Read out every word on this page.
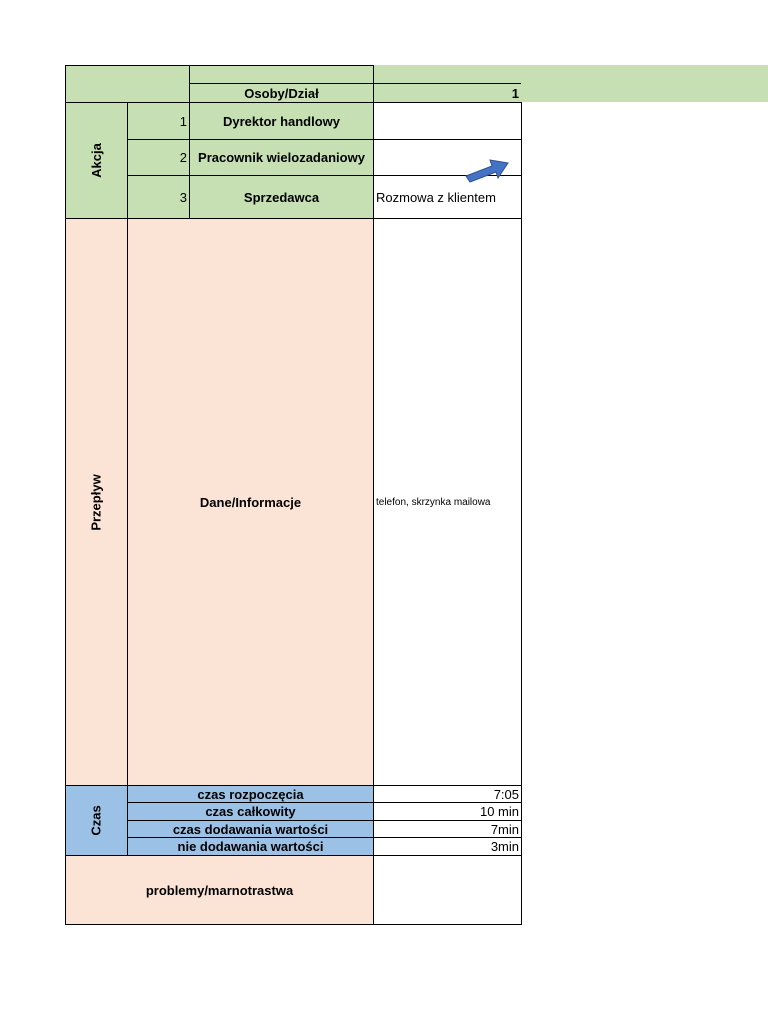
Osoby/Dział	1
Akcja
1	Dyrektor handlowy
2 Pracownik wielozadaniowy
3	Sprzedawca	Rozmowa z klientem
Przepływ	Dane/Informacje	telefon, skrzynka mailowa
Czas
czas rozpoczęcia	7:05
czas całkowity	10 min
czas dodawania wartości	7min
nie dodawania wartości	3min
problemy/marnotrastwa
